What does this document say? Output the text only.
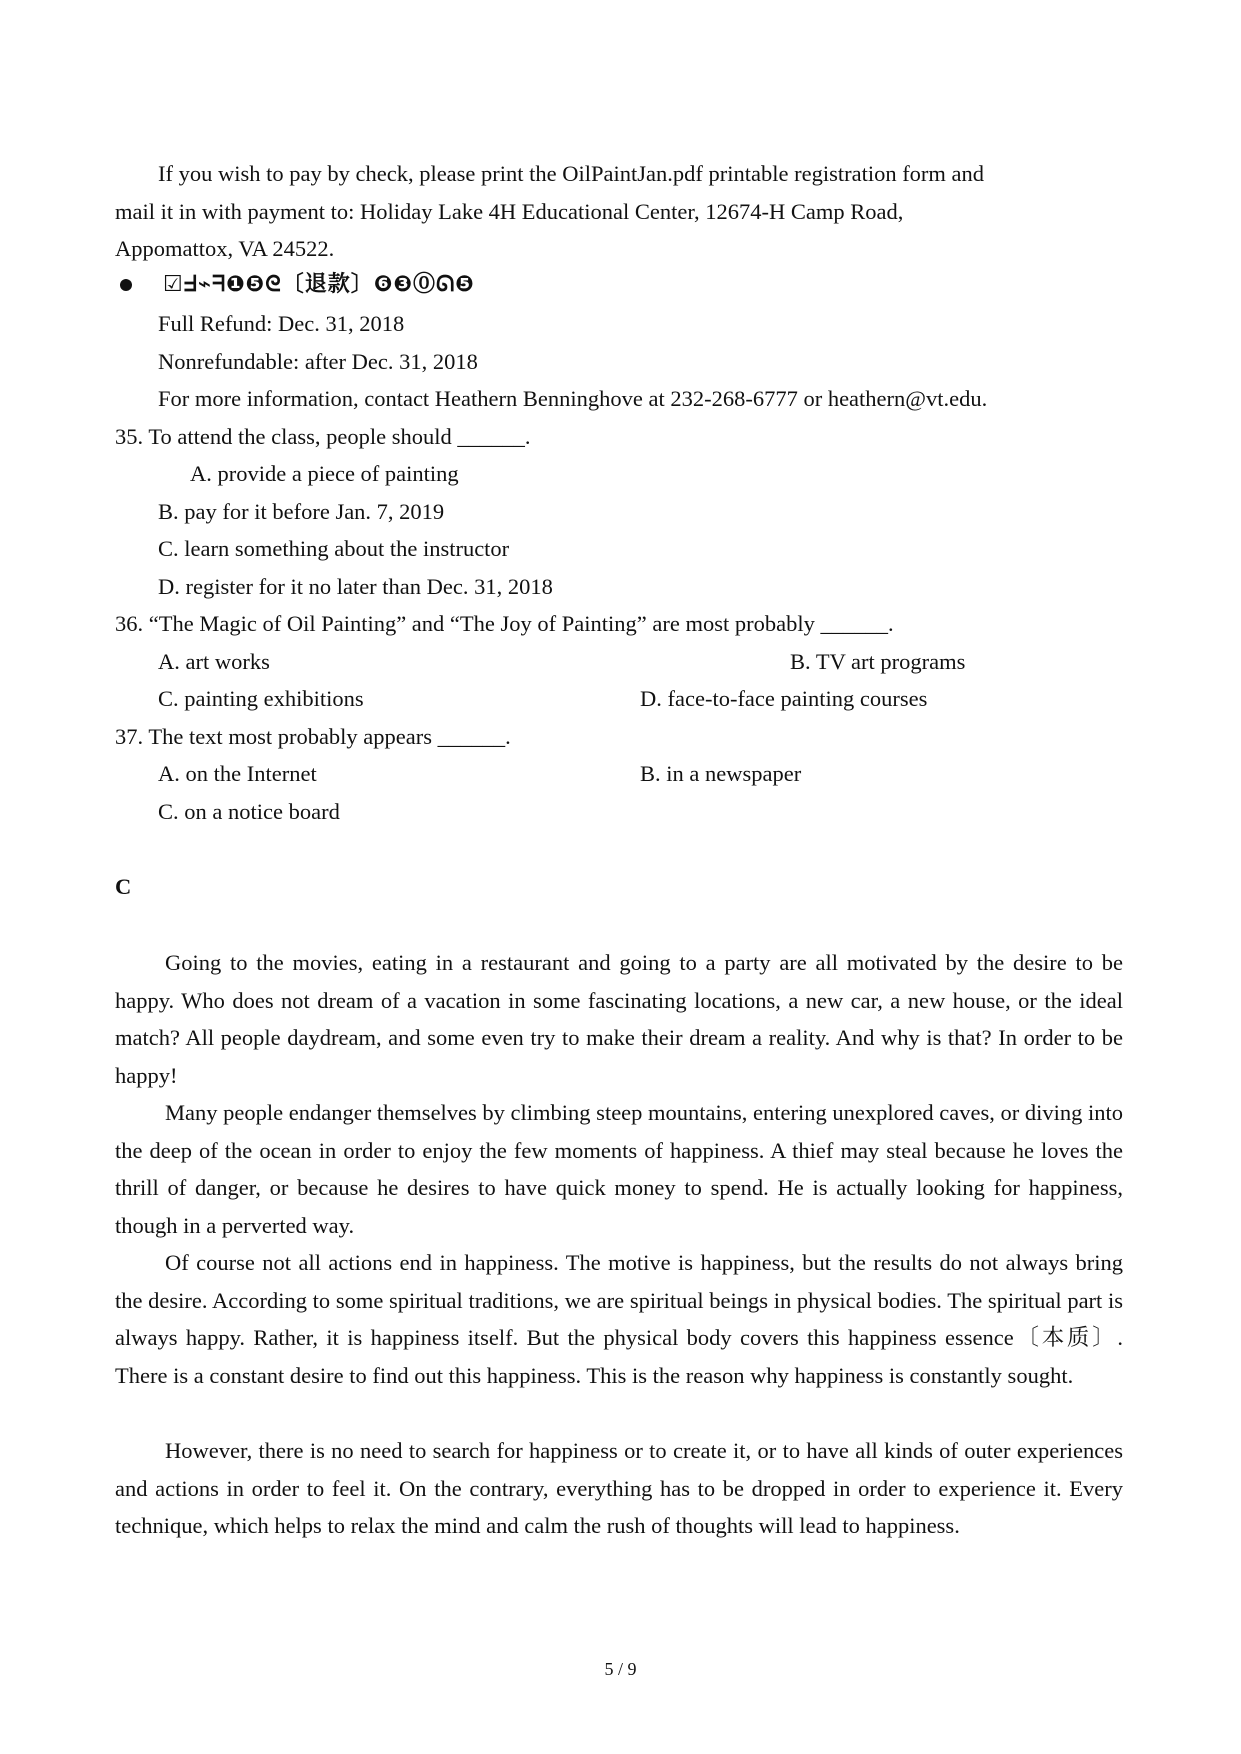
If you wish to pay by check, please print the OilPaintJan.pdf printable registration form and
mail it in with payment to: Holiday Lake 4H Educational Center, 12674-H Camp Road,
Appomattox, VA 24522.
☑ᖵ⌁ᖷ❶❺ᘓ〔退款〕❻❸⓪ᘏ❺
Full Refund: Dec. 31, 2018
Nonrefundable: after Dec. 31, 2018
For more information, contact Heathern Benninghove at 232-268-6777 or heathern@vt.edu.
35. To attend the class, people should ______.
A. provide a piece of painting
B. pay for it before Jan. 7, 2019
C. learn something about the instructor
D. register for it no later than Dec. 31, 2018
36. “The Magic of Oil Painting” and “The Joy of Painting” are most probably ______.
A. art works	B. TV art programs
C. painting exhibitions	D. face-to-face painting courses
37. The text most probably appears ______.
A. on the Internet	B. in a newspaper
C. on a notice board
C
Going to the movies, eating in a restaurant and going to a party are all motivated by the desire to be happy. Who does not dream of a vacation in some fascinating locations, a new car, a new house, or the ideal match? All people daydream, and some even try to make their dream a reality. And why is that? In order to be happy!
Many people endanger themselves by climbing steep mountains, entering unexplored caves, or diving into the deep of the ocean in order to enjoy the few moments of happiness. A thief may steal because he loves the thrill of danger, or because he desires to have quick money to spend. He is actually looking for happiness, though in a perverted way.
Of course not all actions end in happiness. The motive is happiness, but the results do not always bring the desire. According to some spiritual traditions, we are spiritual beings in physical bodies. The spiritual part is always happy. Rather, it is happiness itself. But the physical body covers this happiness essence〔本质〕. There is a constant desire to find out this happiness. This is the reason why happiness is constantly sought.
However, there is no need to search for happiness or to create it, or to have all kinds of outer experiences and actions in order to feel it. On the contrary, everything has to be dropped in order to experience it. Every technique, which helps to relax the mind and calm the rush of thoughts will lead to happiness.
5 / 9
